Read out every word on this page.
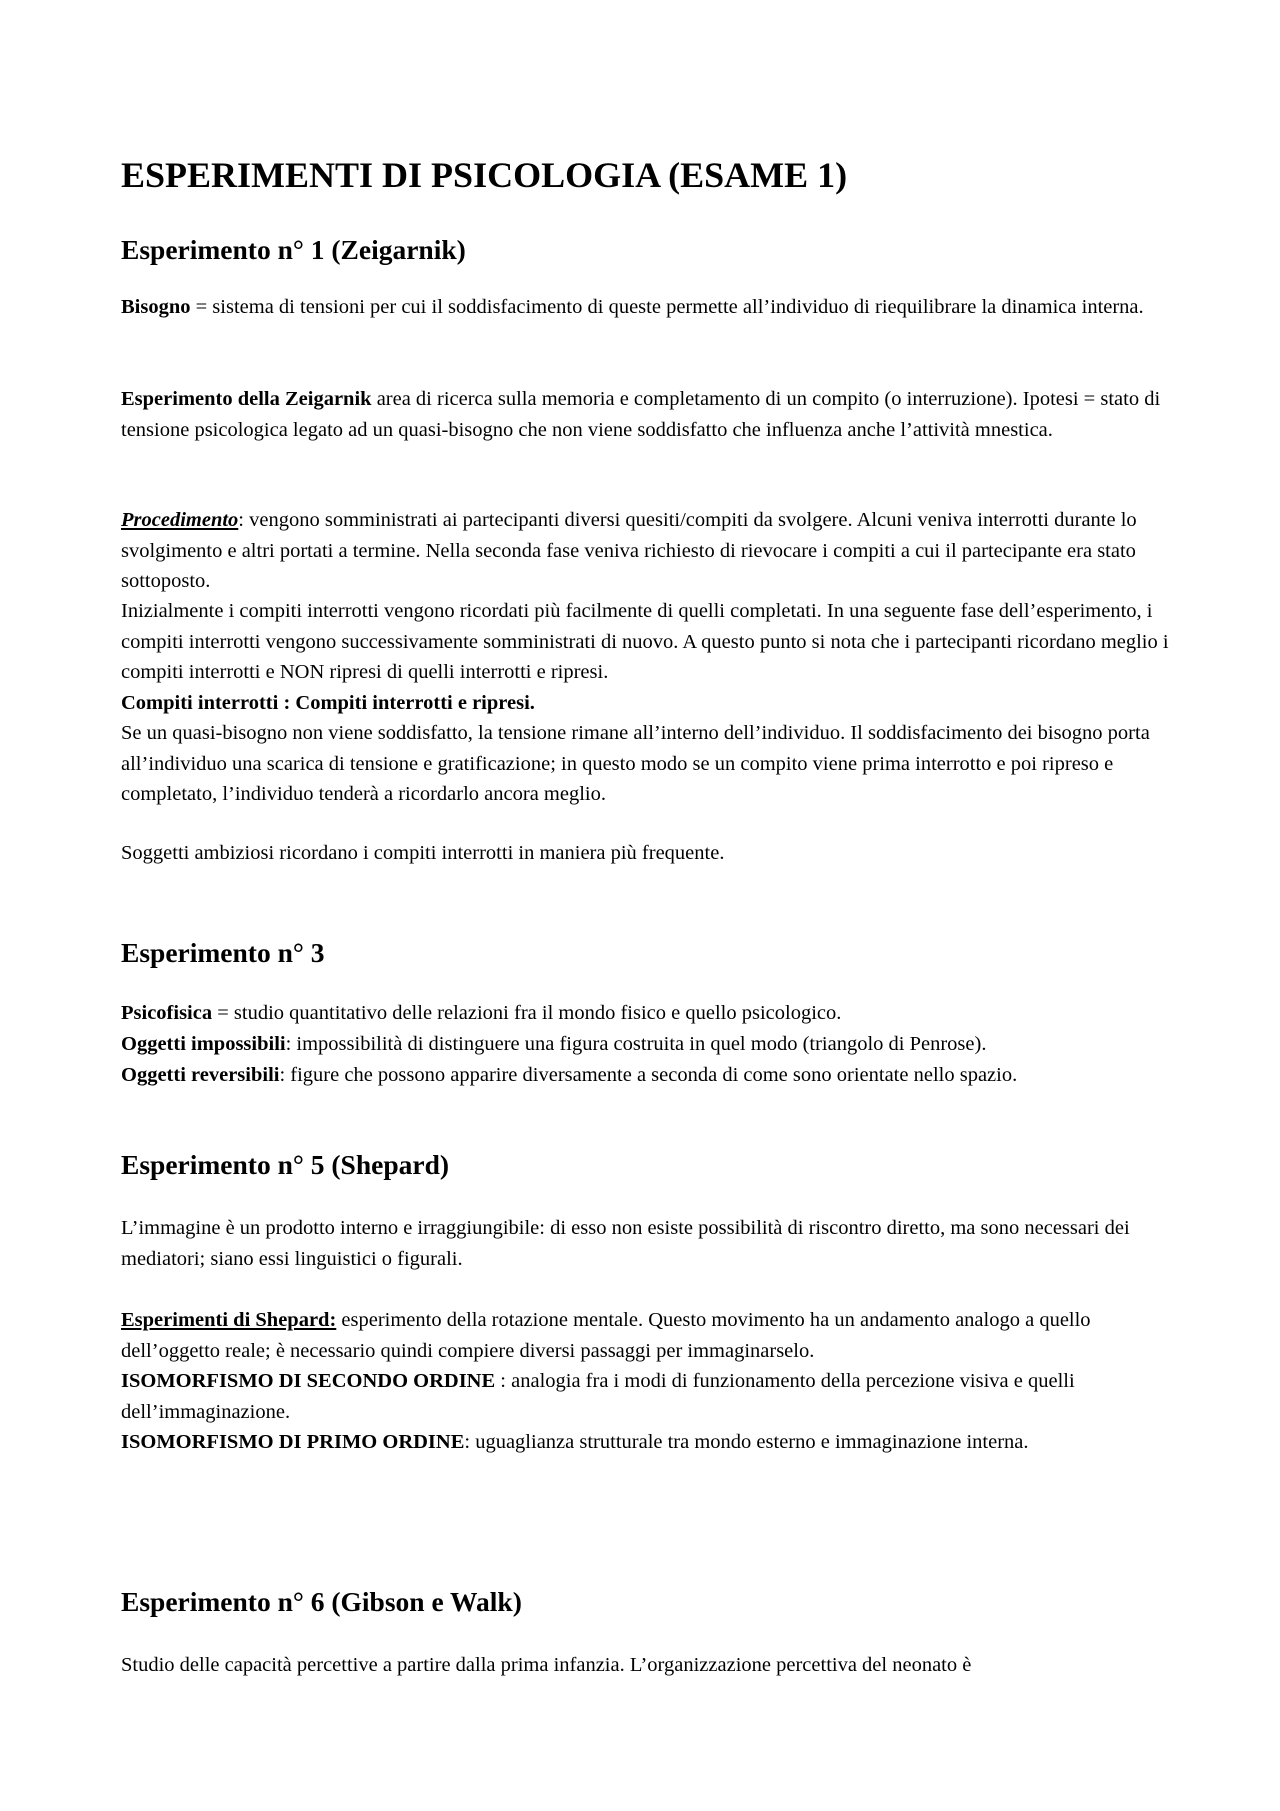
ESPERIMENTI DI PSICOLOGIA (ESAME 1)
Esperimento n° 1 (Zeigarnik)

Bisogno = sistema di tensioni per cui il soddisfacimento di queste permette all’individuo di riequilibrare la dinamica interna.

Esperimento della Zeigarnik area di ricerca sulla memoria e completamento di un compito (o interruzione). Ipotesi = stato di tensione psicologica legato ad un quasi-bisogno che non viene soddisfatto che influenza anche l’attività mnestica.

Procedimento: vengono somministrati ai partecipanti diversi quesiti/compiti da svolgere. Alcuni veniva interrotti durante lo svolgimento e altri portati a termine. Nella seconda fase veniva richiesto di rievocare i compiti a cui il partecipante era stato sottoposto.

Inizialmente i compiti interrotti vengono ricordati più facilmente di quelli completati. In una seguente fase dell’esperimento, i compiti interrotti vengono successivamente somministrati di nuovo. A questo punto si nota che i partecipanti ricordano meglio i compiti interrotti e NON ripresi di quelli interrotti e ripresi.

Compiti interrotti : Compiti interrotti e ripresi.

Se un quasi-bisogno non viene soddisfatto, la tensione rimane all’interno dell’individuo. Il soddisfacimento dei bisogno porta all’individuo una scarica di tensione e gratificazione; in questo modo se un compito viene prima interrotto e poi ripreso e completato, l’individuo tenderà a ricordarlo ancora meglio.

Soggetti ambiziosi ricordano i compiti interrotti in maniera più frequente.

Esperimento n° 3

Psicofisica = studio quantitativo delle relazioni fra il mondo fisico e quello psicologico.

Oggetti impossibili: impossibilità di distinguere una figura costruita in quel modo (triangolo di Penrose).

Oggetti reversibili: figure che possono apparire diversamente a seconda di come sono orientate nello spazio.

Esperimento n° 5 (Shepard)

L’immagine è un prodotto interno e irraggiungibile: di esso non esiste possibilità di riscontro diretto, ma sono necessari dei mediatori; siano essi linguistici o figurali.

Esperimenti di Shepard: esperimento della rotazione mentale. Questo movimento ha un andamento analogo a quello dell’oggetto reale; è necessario quindi compiere diversi passaggi per immaginarselo.

ISOMORFISMO DI SECONDO ORDINE : analogia fra i modi di funzionamento della percezione visiva e quelli dell’immaginazione.

ISOMORFISMO DI PRIMO ORDINE: uguaglianza strutturale tra mondo esterno e immaginazione interna.

Esperimento n° 6 (Gibson e Walk)

Studio delle capacità percettive a partire dalla prima infanzia. L’organizzazione percettiva del neonato è
